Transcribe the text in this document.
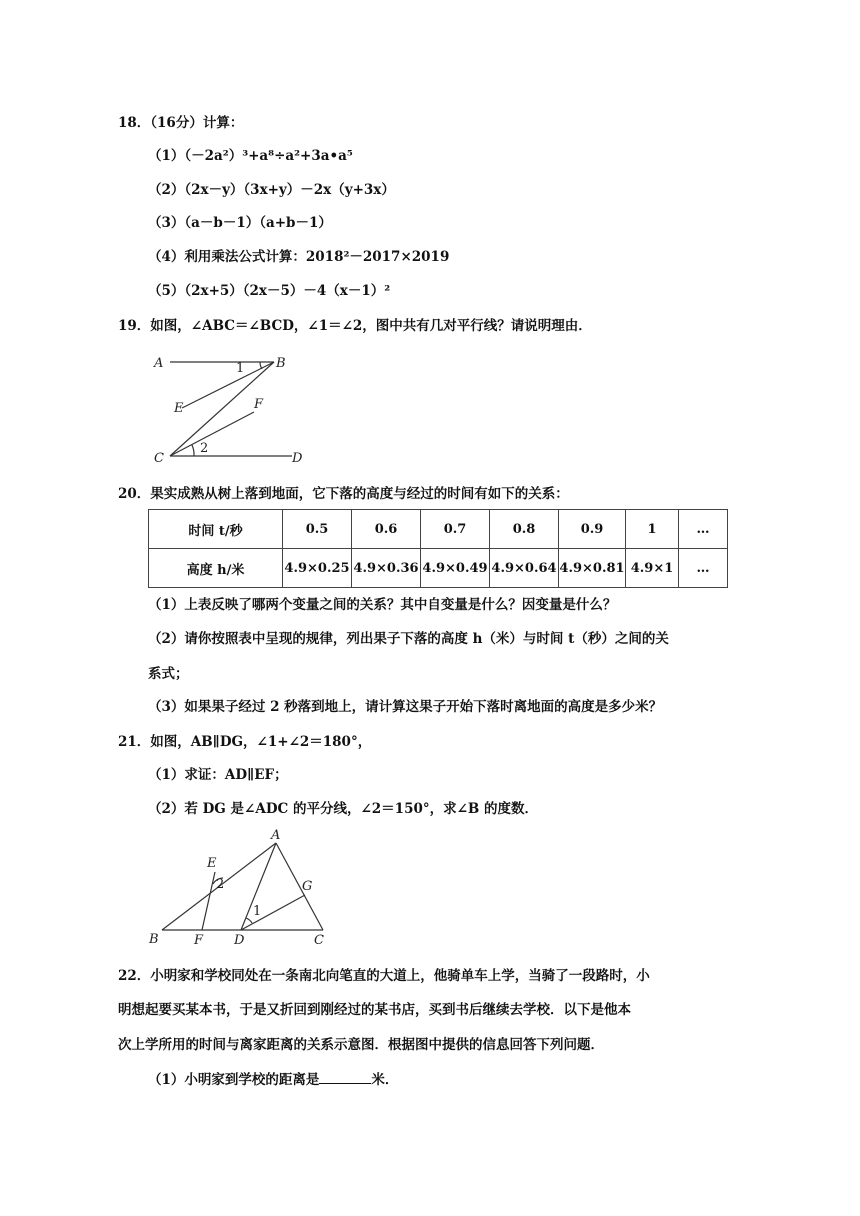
18．（16分）计算：
（1）（－2a²）³+a⁸÷a²+3a•a⁵
（2）（2x－y）（3x+y）－2x（y+3x）
（3）（a－b－1）（a+b－1）
（4）利用乘法公式计算：2018²－2017×2019
（5）（2x+5）（2x－5）－4（x－1）²
19．如图，∠ABC＝∠BCD，∠1＝∠2，图中共有几对平行线？请说明理由．
A	B
E	F
C	D
1
2
20．果实成熟从树上落到地面，它下落的高度与经过的时间有如下的关系：
时间 t/秒	0.5	0.6	0.7	0.8	0.9	1	…
高度 h/米	4.9×0.25	4.9×0.36	4.9×0.49	4.9×0.64	4.9×0.81	4.9×1	…
（1）上表反映了哪两个变量之间的关系？其中自变量是什么？因变量是什么？
（2）请你按照表中呈现的规律，列出果子下落的高度 h（米）与时间 t（秒）之间的关
系式；
（3）如果果子经过 2 秒落到地上，请计算这果子开始下落时离地面的高度是多少米？
21．如图，AB∥DG，∠1+∠2＝180°，
（1）求证：AD∥EF；
（2）若 DG 是∠ADC 的平分线，∠2＝150°，求∠B 的度数．
A
E
G
B	F D	C
2
1
22．小明家和学校同处在一条南北向笔直的大道上，他骑单车上学，当骑了一段路时，小
明想起要买某本书，于是又折回到刚经过的某书店，买到书后继续去学校．以下是他本
次上学所用的时间与离家距离的关系示意图．根据图中提供的信息回答下列问题．
（1）小明家到学校的距离是	米．
